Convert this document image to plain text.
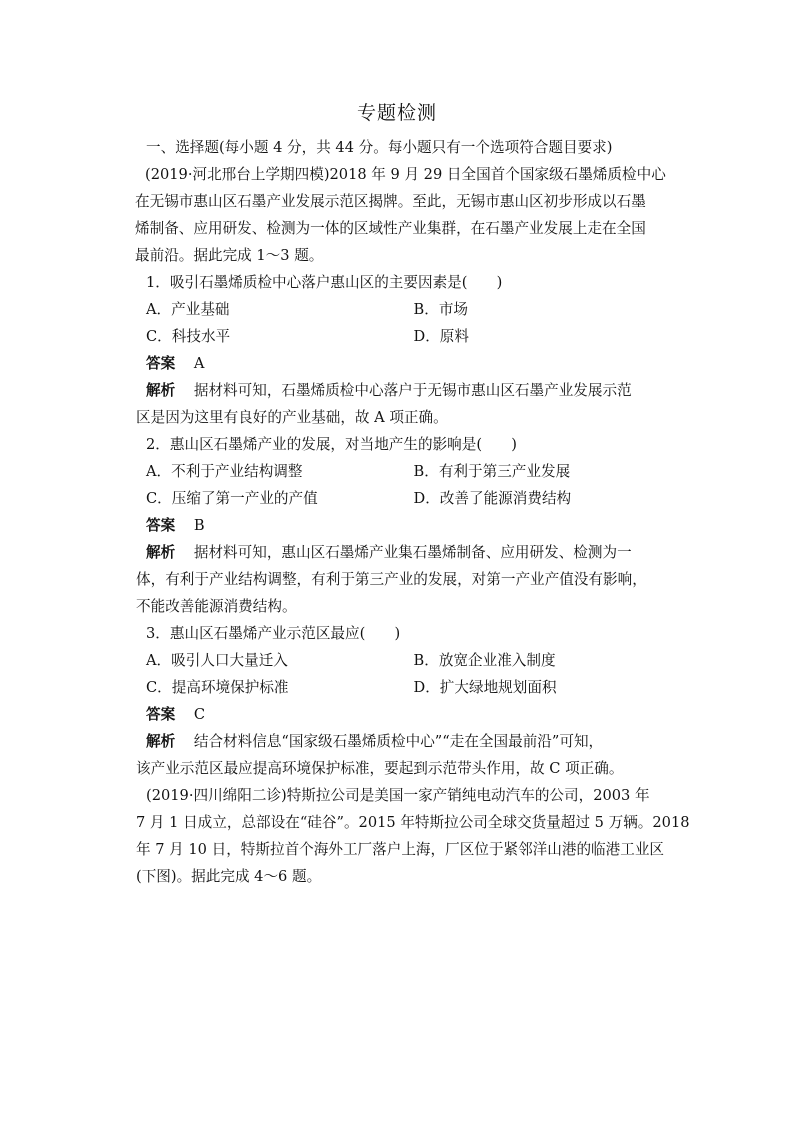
专题检测
一、选择题(每小题 4 分，共 44 分。每小题只有一个选项符合题目要求)
(2019·河北邢台上学期四模)2018 年 9 月 29 日全国首个国家级石墨烯质检中心
在无锡市惠山区石墨产业发展示范区揭牌。至此，无锡市惠山区初步形成以石墨
烯制备、应用研发、检测为一体的区域性产业集群，在石墨产业发展上走在全国
最前沿。据此完成 1～3 题。
1．吸引石墨烯质检中心落户惠山区的主要因素是(　　)
A．产业基础	B．市场
C．科技水平	D．原料
答案 A
解析 据材料可知，石墨烯质检中心落户于无锡市惠山区石墨产业发展示范
区是因为这里有良好的产业基础，故 A 项正确。
2．惠山区石墨烯产业的发展，对当地产生的影响是(　　)
A．不利于产业结构调整	B．有利于第三产业发展
C．压缩了第一产业的产值	D．改善了能源消费结构
答案 B
解析 据材料可知，惠山区石墨烯产业集石墨烯制备、应用研发、检测为一
体，有利于产业结构调整，有利于第三产业的发展，对第一产业产值没有影响，
不能改善能源消费结构。
3．惠山区石墨烯产业示范区最应(　　)
A．吸引人口大量迁入	B．放宽企业准入制度
C．提高环境保护标准	D．扩大绿地规划面积
答案 C
解析 结合材料信息“国家级石墨烯质检中心”“走在全国最前沿”可知，
该产业示范区最应提高环境保护标准，要起到示范带头作用，故 C 项正确。
(2019·四川绵阳二诊)特斯拉公司是美国一家产销纯电动汽车的公司，2003 年
7 月 1 日成立，总部设在“硅谷”。2015 年特斯拉公司全球交货量超过 5 万辆。2018
年 7 月 10 日，特斯拉首个海外工厂落户上海，厂区位于紧邻洋山港的临港工业区
(下图)。据此完成 4～6 题。
